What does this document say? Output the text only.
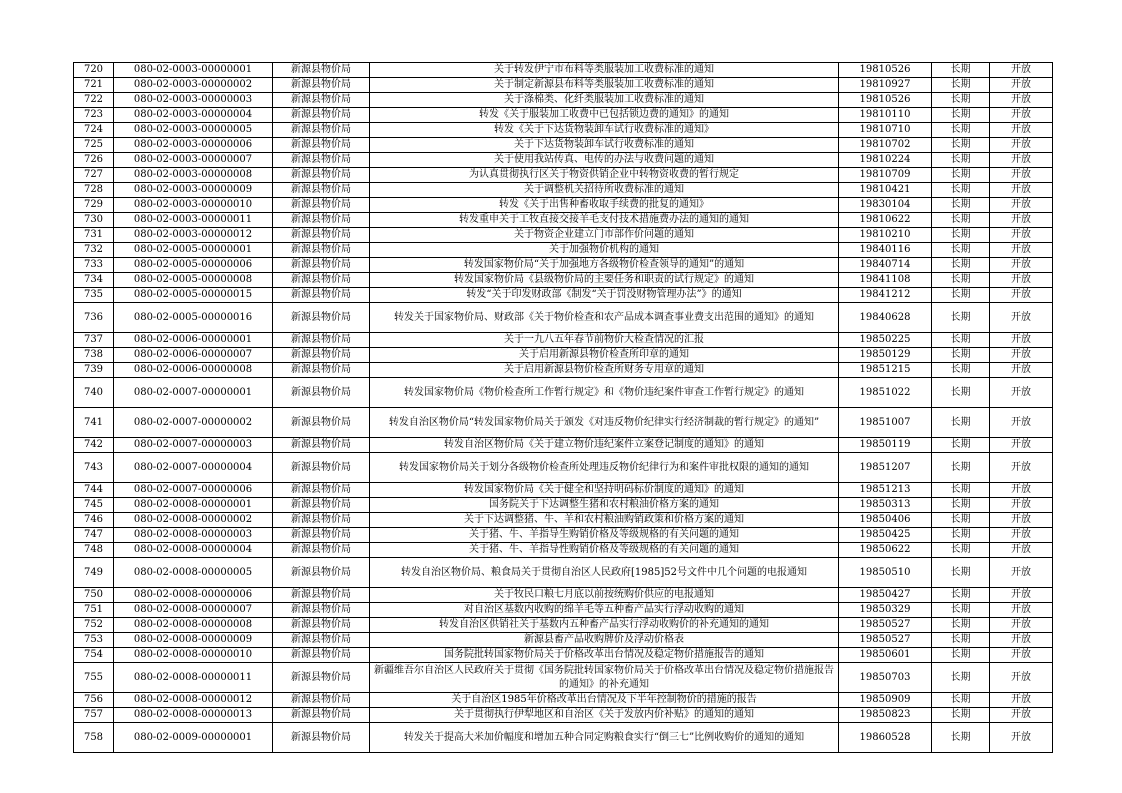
720	080-02-0003-00000001	新源县物价局	关于转发伊宁市布料等类服装加工收费标准的通知	19810526	长期	开放
721	080-02-0003-00000002	新源县物价局	关于制定新源县布料等类服装加工收费标准的通知	19810927	长期	开放
722	080-02-0003-00000003	新源县物价局	关于涤棉类、化纤类服装加工收费标准的通知	19810526	长期	开放
723	080-02-0003-00000004	新源县物价局	转发《关于服装加工收费中已包括锁边费的通知》的通知	19810110	长期	开放
724	080-02-0003-00000005	新源县物价局	转发《关于下达货物装卸车试行收费标准的通知》	19810710	长期	开放
725	080-02-0003-00000006	新源县物价局	关于下达货物装卸车试行收费标准的通知	19810702	长期	开放
726	080-02-0003-00000007	新源县物价局	关于使用我站传真、电传的办法与收费问题的通知	19810224	长期	开放
727	080-02-0003-00000008	新源县物价局	为认真贯彻执行区关于物资供销企业中转物资收费的暂行规定	19810709	长期	开放
728	080-02-0003-00000009	新源县物价局	关于调整机关招待所收费标准的通知	19810421	长期	开放
729	080-02-0003-00000010	新源县物价局	转发《关于出售种畜收取手续费的批复的通知》	19830104	长期	开放
730	080-02-0003-00000011	新源县物价局	转发重申关于工牧直接交接羊毛支付技术措施费办法的通知的通知	19810622	长期	开放
731	080-02-0003-00000012	新源县物价局	关于物资企业建立门市部作价问题的通知	19810210	长期	开放
732	080-02-0005-00000001	新源县物价局	关于加强物价机构的通知	19840116	长期	开放
733	080-02-0005-00000006	新源县物价局	转发国家物价局“关于加强地方各级物价检查领导的通知”的通知	19840714	长期	开放
734	080-02-0005-00000008	新源县物价局	转发国家物价局《县级物价局的主要任务和职责的试行规定》的通知	19841108	长期	开放
735	080-02-0005-00000015	新源县物价局	转发“关于印发财政部《制发“关于罚没财物管理办法”》的通知	19841212	长期	开放
736	080-02-0005-00000016	新源县物价局	转发关于国家物价局、财政部《关于物价检查和农产品成本调查事业费支出范围的通知》的通知	19840628	长期	开放
737	080-02-0006-00000001	新源县物价局	关于一九八五年春节前物价大检查情况的汇报	19850225	长期	开放
738	080-02-0006-00000007	新源县物价局	关于启用新源县物价检查所印章的通知	19850129	长期	开放
739	080-02-0006-00000008	新源县物价局	关于启用新源县物价检查所财务专用章的通知	19851215	长期	开放
740	080-02-0007-00000001	新源县物价局	转发国家物价局《物价检查所工作暂行规定》和《物价违纪案件审查工作暂行规定》的通知	19851022	长期	开放
741	080-02-0007-00000002	新源县物价局	转发自治区物价局“转发国家物价局关于颁发《对违反物价纪律实行经济制裁的暂行规定》的通知”	19851007	长期	开放
742	080-02-0007-00000003	新源县物价局	转发自治区物价局《关于建立物价违纪案件立案登记制度的通知》的通知	19850119	长期	开放
743	080-02-0007-00000004	新源县物价局	转发国家物价局关于划分各级物价检查所处理违反物价纪律行为和案件审批权限的通知的通知	19851207	长期	开放
744	080-02-0007-00000006	新源县物价局	转发国家物价局《关于健全和坚持明码标价制度的通知》的通知	19851213	长期	开放
745	080-02-0008-00000001	新源县物价局	国务院关于下达调整生猪和农村粮油价格方案的通知	19850313	长期	开放
746	080-02-0008-00000002	新源县物价局	关于下达调整猪、牛、羊和农村粮油购销政策和价格方案的通知	19850406	长期	开放
747	080-02-0008-00000003	新源县物价局	关于猪、牛、羊指导生购销价格及等级规格的有关问题的通知	19850425	长期	开放
748	080-02-0008-00000004	新源县物价局	关于猪、牛、羊指导性购销价格及等级规格的有关问题的通知	19850622	长期	开放
749	080-02-0008-00000005	新源县物价局	转发自治区物价局、粮食局关于贯彻自治区人民政府[1985]52号文件中几个问题的电报通知	19850510	长期	开放
750	080-02-0008-00000006	新源县物价局	关于牧民口粮七月底以前按统购价供应的电报通知	19850427	长期	开放
751	080-02-0008-00000007	新源县物价局	对自治区基数内收购的绵羊毛等五种畜产品实行浮动收购的通知	19850329	长期	开放
752	080-02-0008-00000008	新源县物价局	转发自治区供销社关于基数内五种畜产品实行浮动收购价的补充通知的通知	19850527	长期	开放
753	080-02-0008-00000009	新源县物价局	新源县畜产品收购牌价及浮动价格表	19850527	长期	开放
754	080-02-0008-00000010	新源县物价局	国务院批转国家物价局关于价格改革出台情况及稳定物价措施报告的通知	19850601	长期	开放
755	080-02-0008-00000011	新源县物价局	新疆维吾尔自治区人民政府关于贯彻《国务院批转国家物价局关于价格改革出台情况及稳定物价措施报告的通知》的补充通知	19850703	长期	开放
756	080-02-0008-00000012	新源县物价局	关于自治区1985年价格改革出台情况及下半年控制物价的措施的报告	19850909	长期	开放
757	080-02-0008-00000013	新源县物价局	关于贯彻执行伊犁地区和自治区《关于发放内价补贴》的通知的通知	19850823	长期	开放
758	080-02-0009-00000001	新源县物价局	转发关于提高大米加价幅度和增加五种合同定购粮食实行“倒三七”比例收购价的通知的通知	19860528	长期	开放
